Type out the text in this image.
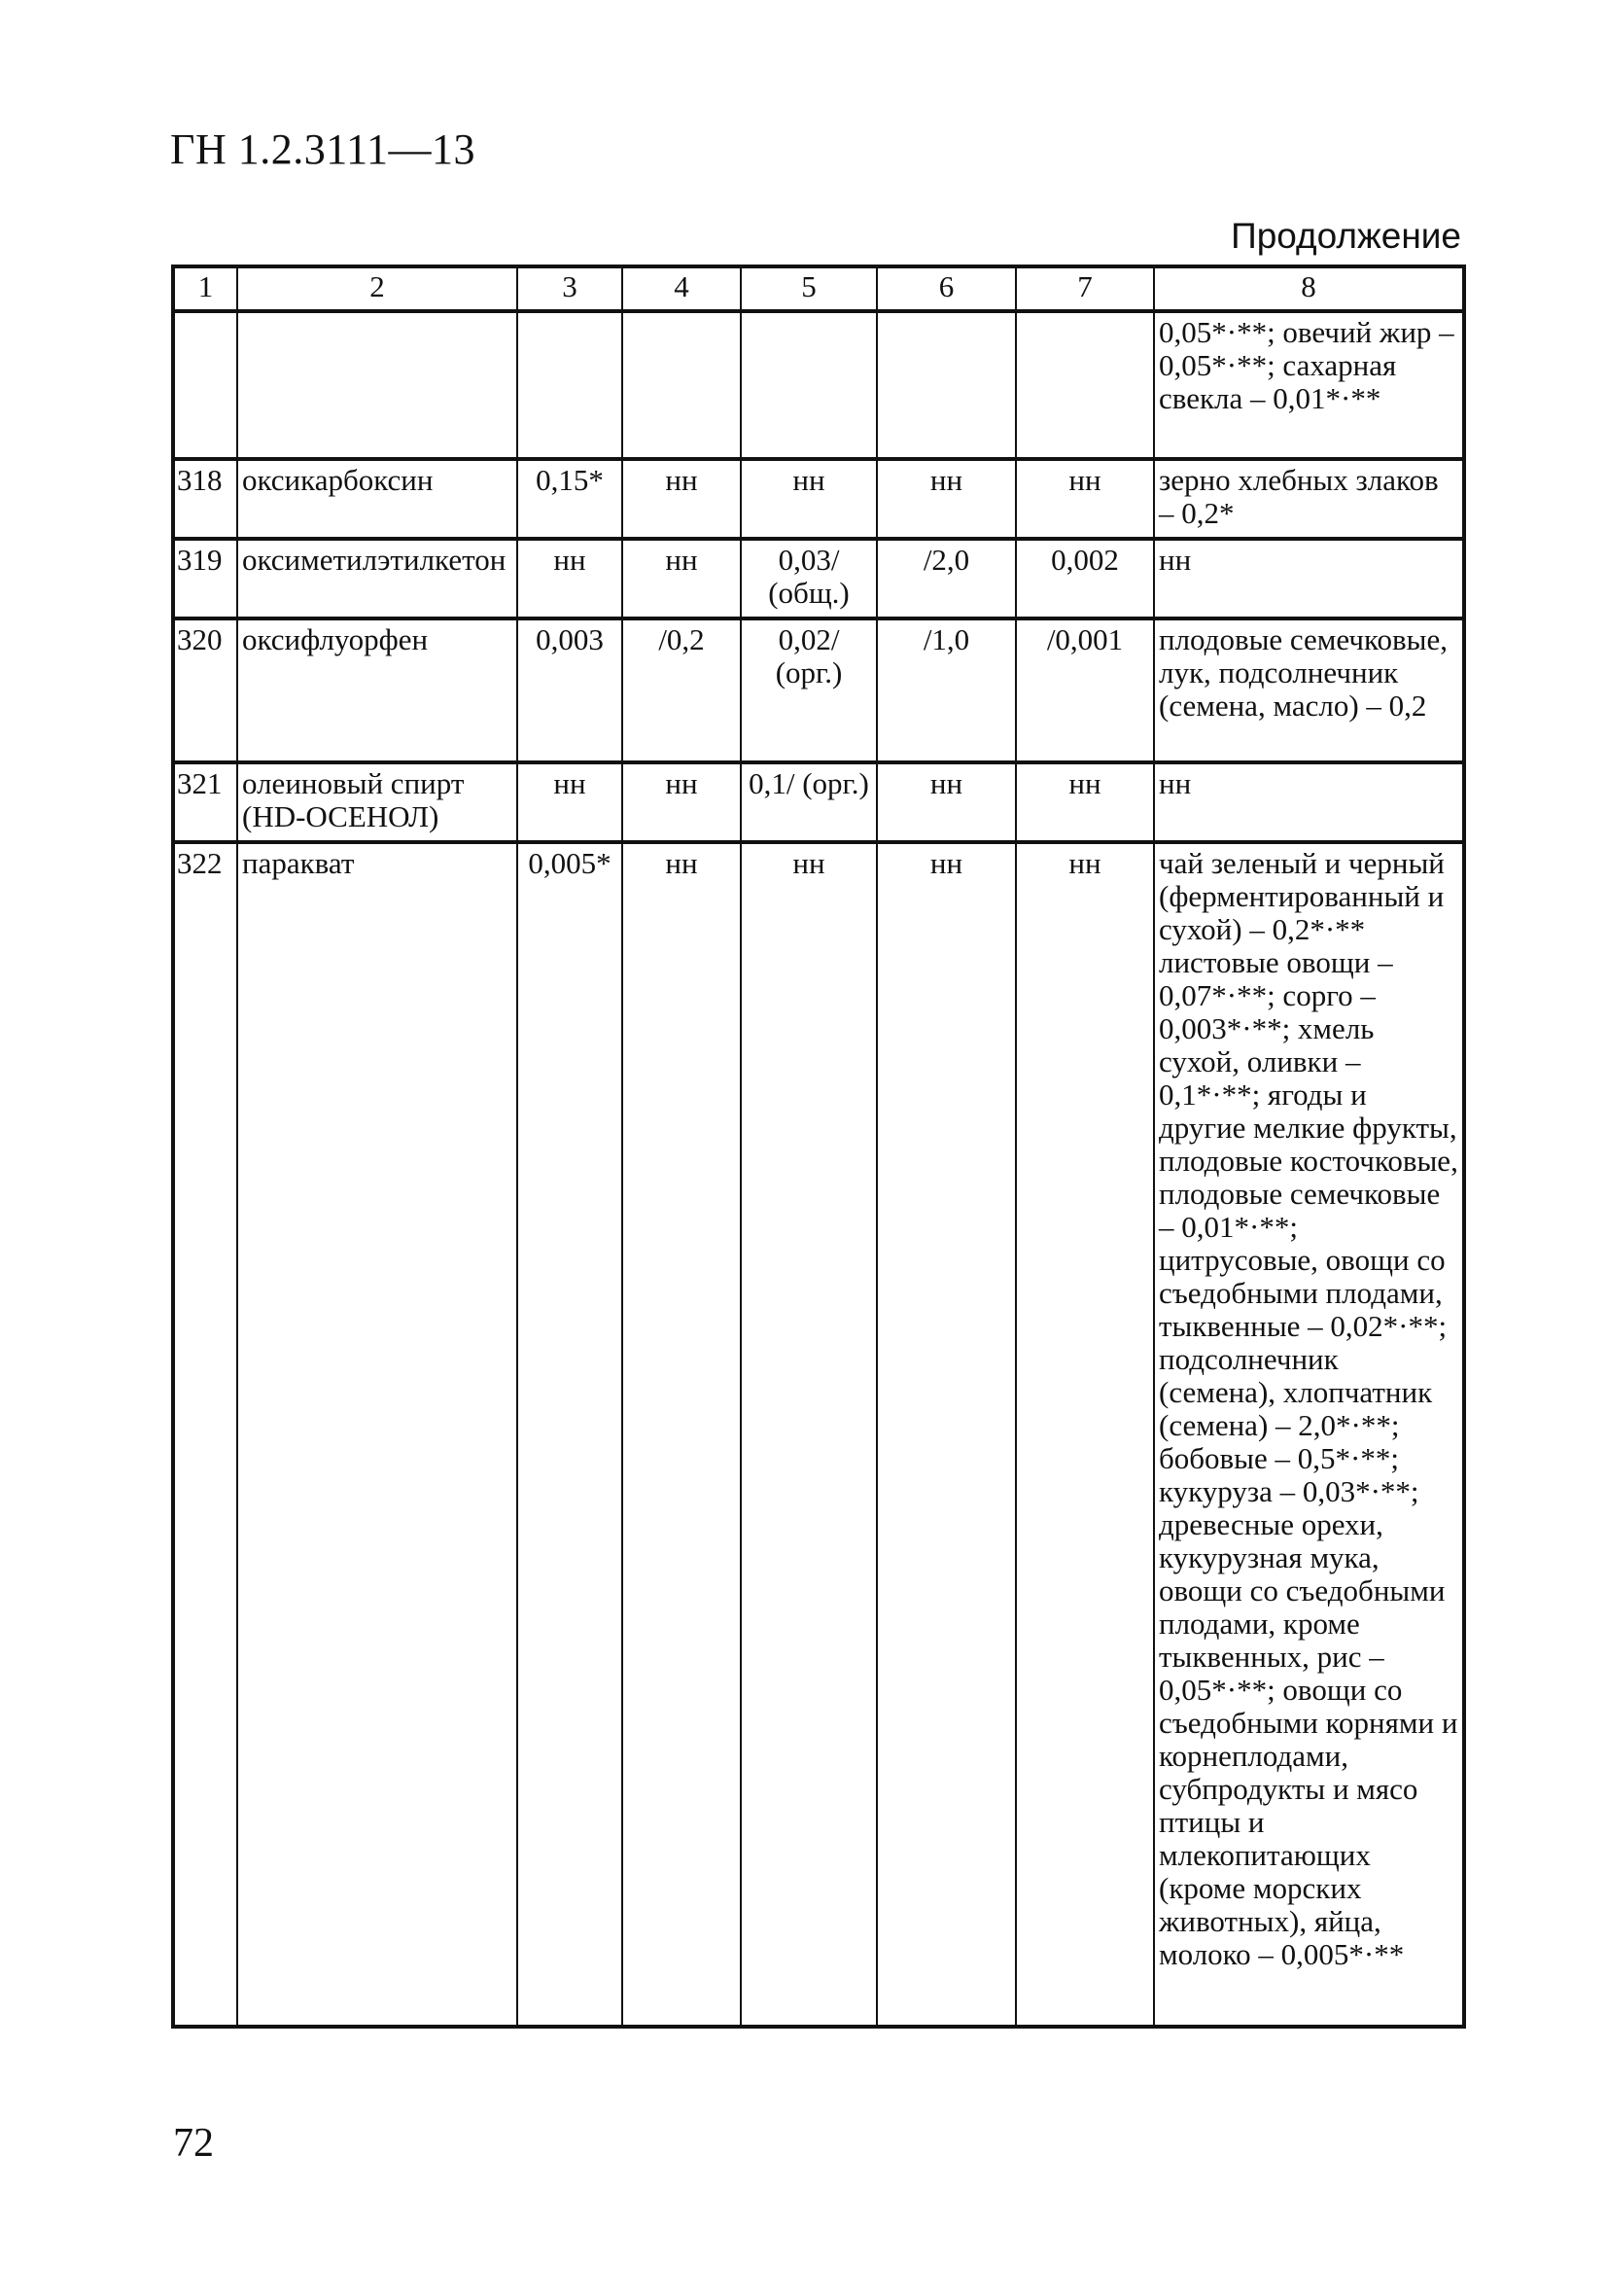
ГН 1.2.3111—13
Продолжение
1	2	3	4	5	6	7	8
							0,05*·**; овечий жир – 0,05*·**; сахарная свекла – 0,01*·**
318	оксикарбоксин	0,15*	нн	нн	нн	нн	зерно хлебных злаков – 0,2*
319	оксиметилэтилкетон	нн	нн	0,03/ (общ.)	/2,0	0,002	нн
320	оксифлуорфен	0,003	/0,2	0,02/ (орг.)	/1,0	/0,001	плодовые семечковые, лук, подсолнечник (семена, масло) – 0,2
321	олеиновый спирт (HD-ОСЕНОЛ)	нн	нн	0,1/ (орг.)	нн	нн	нн
322	паракват	0,005*	нн	нн	нн	нн	чай зеленый и черный (ферментированный и сухой) – 0,2*·** листовые овощи – 0,07*·**; сорго – 0,003*·**; хмель сухой, оливки – 0,1*·**; ягоды и другие мелкие фрукты, плодовые косточковые, плодовые семечковые – 0,01*·**; цитрусовые, овощи со съедобными плодами, тыквенные – 0,02*·**; подсолнечник (семена), хлопчатник (семена) – 2,0*·**; бобовые – 0,5*·**; кукуруза – 0,03*·**; древесные орехи, кукурузная мука, овощи со съедобными плодами, кроме тыквенных, рис – 0,05*·**; овощи со съедобными корнями и корнеплодами, субпродукты и мясо птицы и млекопитающих (кроме морских животных), яйца, молоко – 0,005*·**
72
